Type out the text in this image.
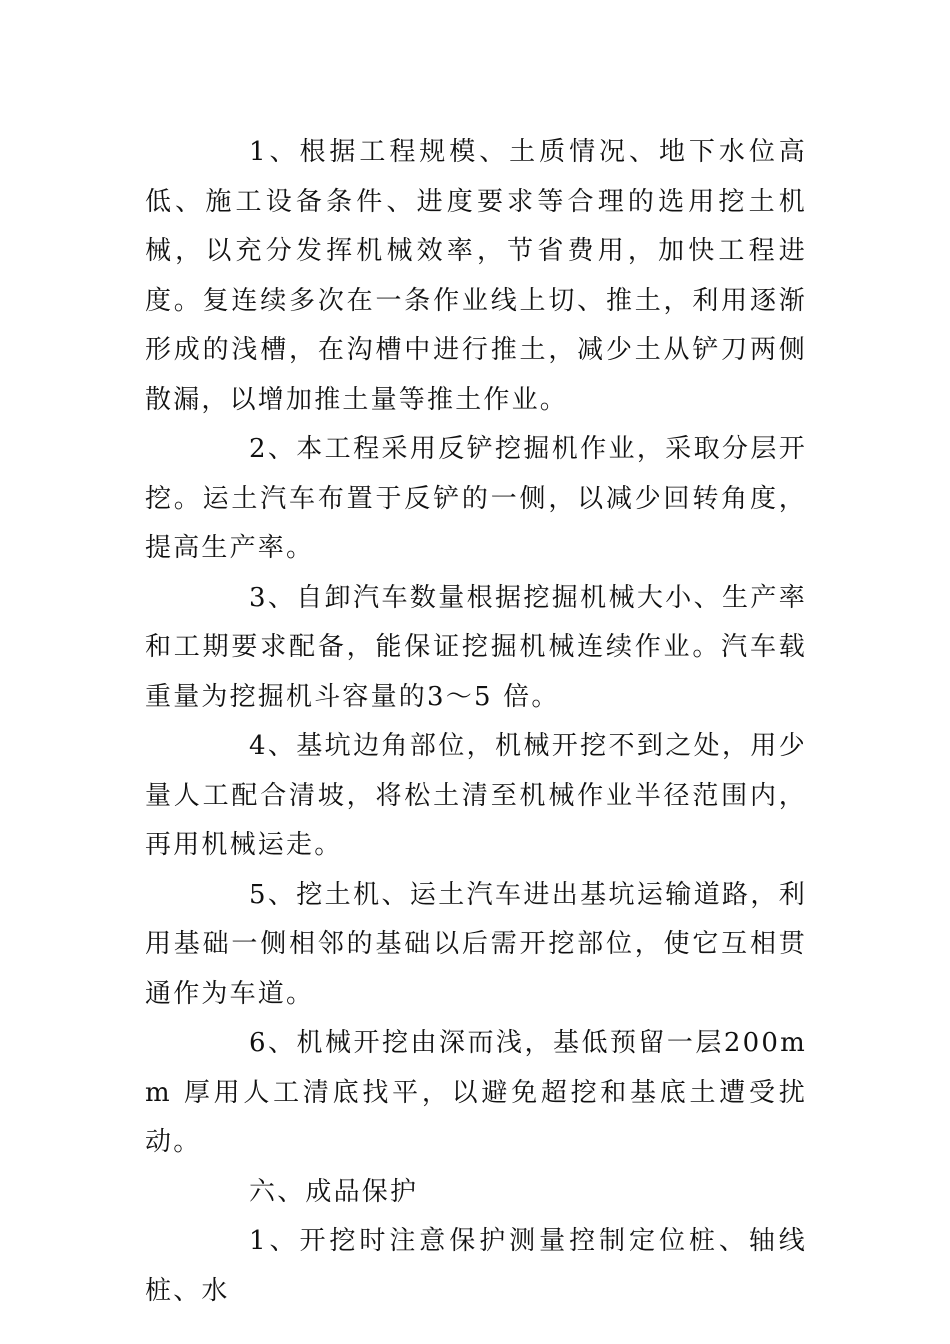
1、根据工程规模、土质情况、地下水位高低、施工设备条件、进度要求等合理的选用挖土机械，以充分发挥机械效率，节省费用，加快工程进度。复连续多次在一条作业线上切、推土，利用逐渐形成的浅槽，在沟槽中进行推土，减少土从铲刀两侧散漏，以增加推土量等推土作业。

2、本工程采用反铲挖掘机作业，采取分层开挖。运土汽车布置于反铲的一侧，以减少回转角度，提高生产率。

3、自卸汽车数量根据挖掘机械大小、生产率和工期要求配备，能保证挖掘机械连续作业。汽车载重量为挖掘机斗容量的3～5 倍。

4、基坑边角部位，机械开挖不到之处，用少量人工配合清坡，将松土清至机械作业半径范围内，再用机械运走。

5、挖土机、运土汽车进出基坑运输道路，利用基础一侧相邻的基础以后需开挖部位，使它互相贯通作为车道。

6、机械开挖由深而浅，基低预留一层200mm 厚用人工清底找平，以避免超挖和基底土遭受扰动。

六、成品保护

1、开挖时注意保护测量控制定位桩、轴线桩、水
